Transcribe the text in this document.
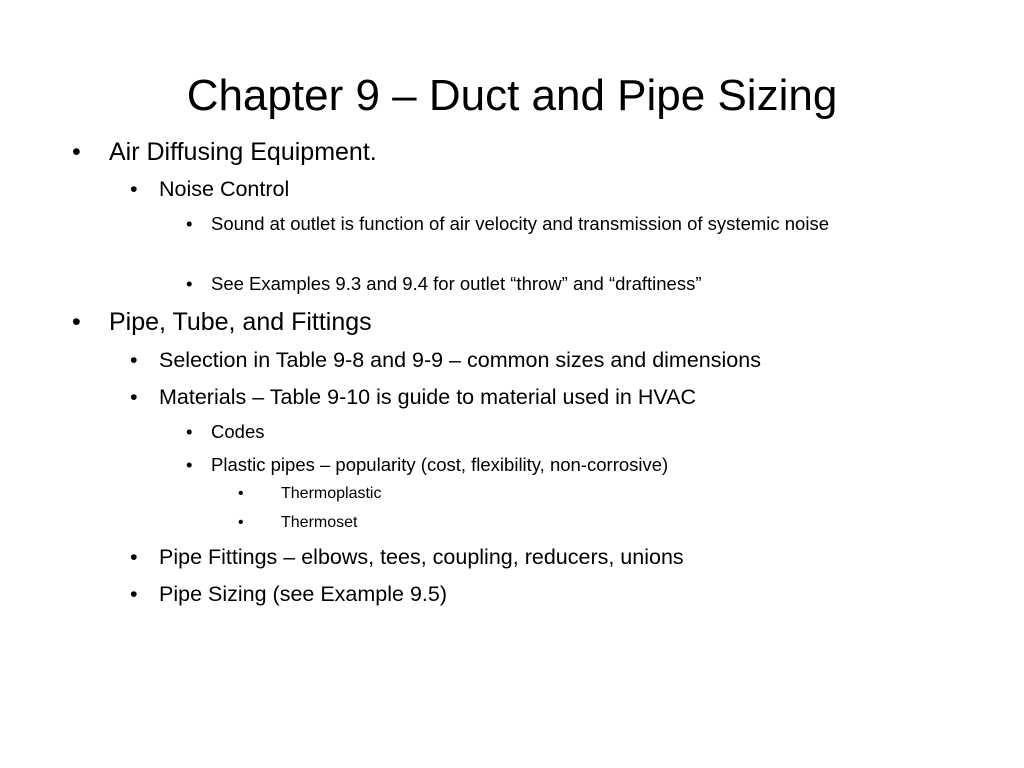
Chapter 9 – Duct and Pipe Sizing
• Air Diffusing Equipment.
• Noise Control
• Sound at outlet is function of air velocity and transmission of systemic noise
• See Examples 9.3 and 9.4 for outlet “throw” and “draftiness”
• Pipe, Tube, and Fittings
• Selection in Table 9-8 and 9-9 – common sizes and dimensions
• Materials – Table 9-10 is guide to material used in HVAC
• Codes
• Plastic pipes – popularity (cost, flexibility, non-corrosive)
• Thermoplastic
• Thermoset
• Pipe Fittings – elbows, tees, coupling, reducers, unions
• Pipe Sizing (see Example 9.5)
